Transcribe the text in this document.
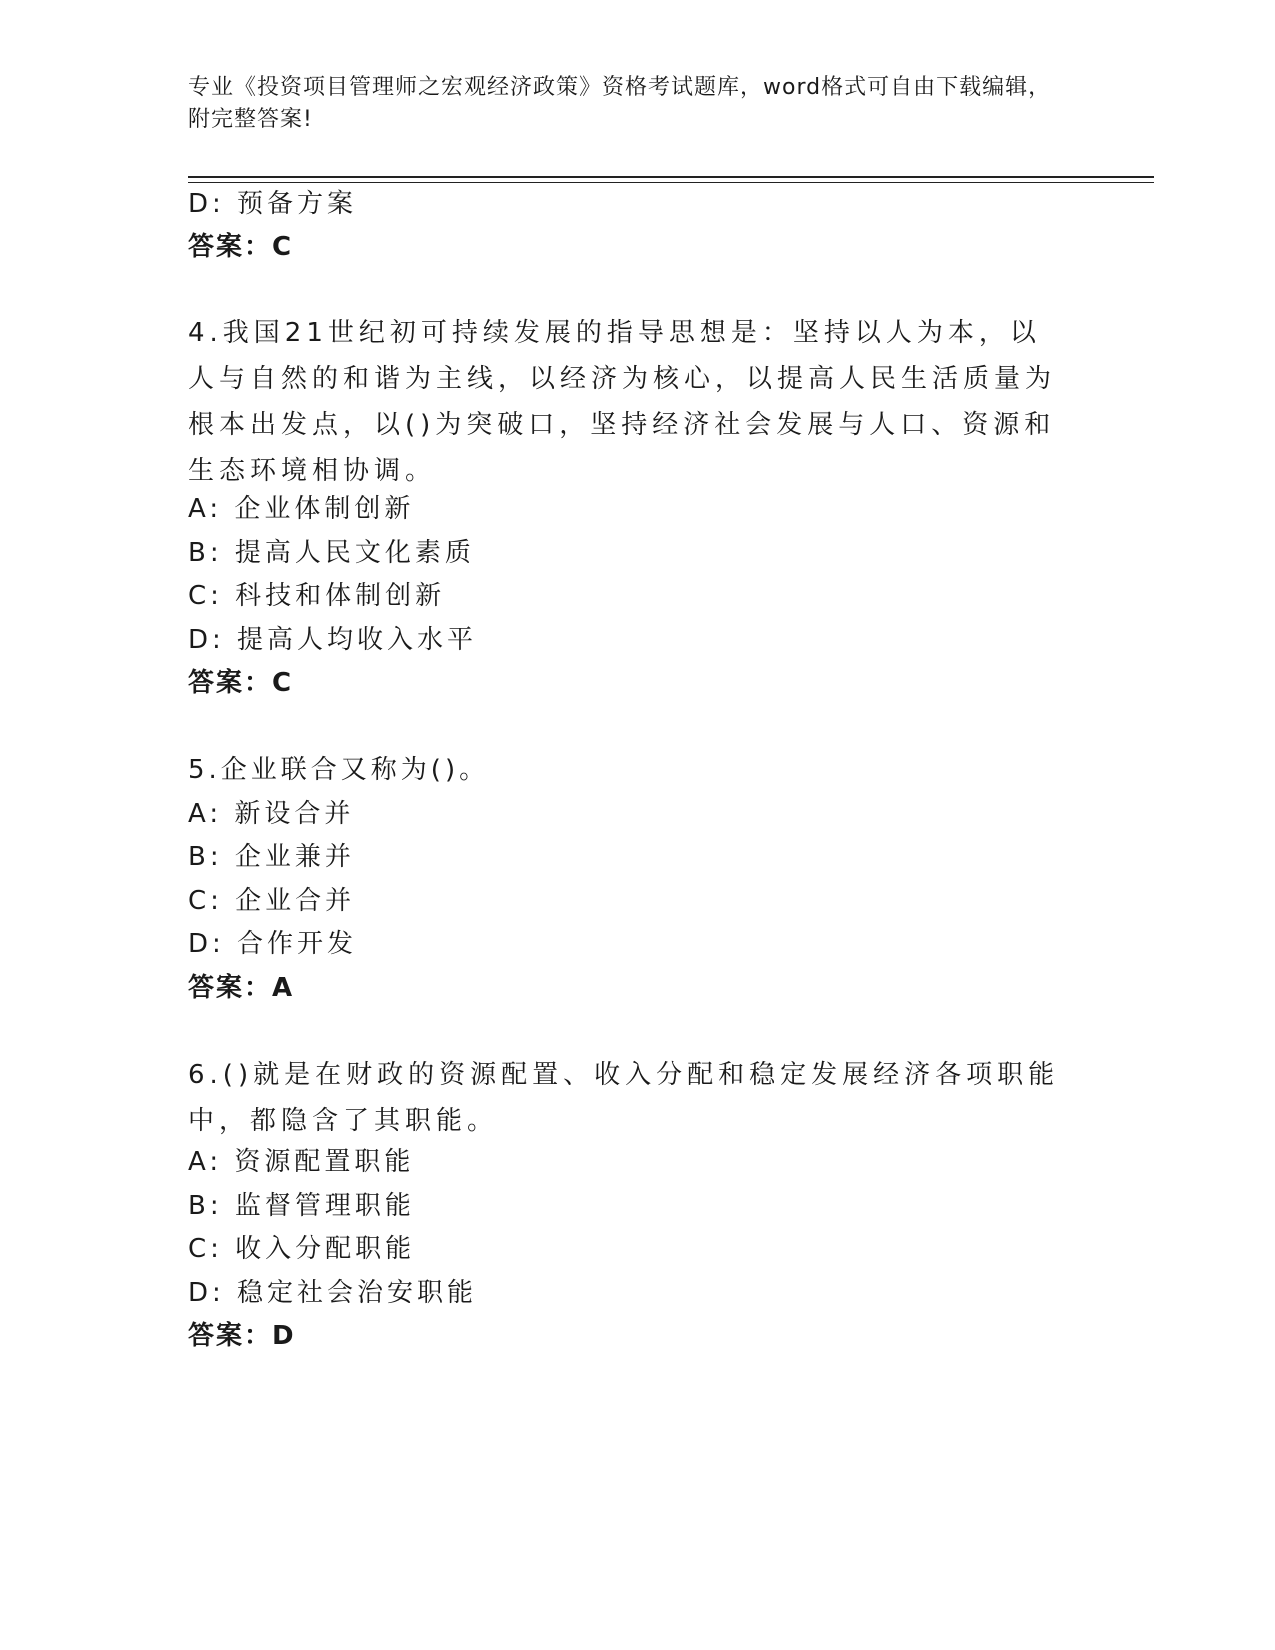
专业《投资项目管理师之宏观经济政策》资格考试题库，word格式可自由下载编辑，附完整答案!
D: 预备方案
答案：C
4.我国21世纪初可持续发展的指导思想是：坚持以人为本，以人与自然的和谐为主线，以经济为核心，以提高人民生活质量为根本出发点，以()为突破口，坚持经济社会发展与人口、资源和生态环境相协调。
A: 企业体制创新
B: 提高人民文化素质
C: 科技和体制创新
D: 提高人均收入水平
答案：C
5.企业联合又称为()。
A: 新设合并
B: 企业兼并
C: 企业合并
D: 合作开发
答案：A
6.()就是在财政的资源配置、收入分配和稳定发展经济各项职能中，都隐含了其职能。
A: 资源配置职能
B: 监督管理职能
C: 收入分配职能
D: 稳定社会治安职能
答案：D
